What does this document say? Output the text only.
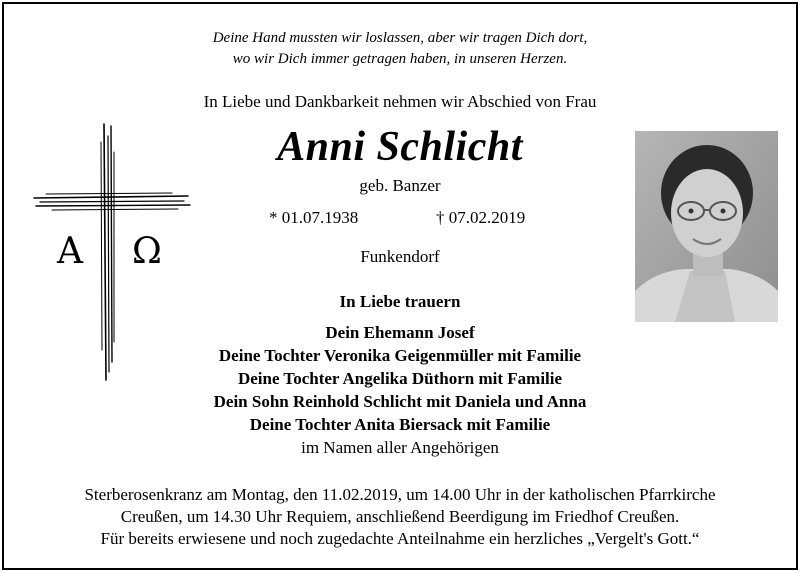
Deine Hand mussten wir loslassen, aber wir tragen Dich dort,
wo wir Dich immer getragen haben, in unseren Herzen.
In Liebe und Dankbarkeit nehmen wir Abschied von Frau
Anni Schlicht
geb. Banzer
* 01.07.1938	† 07.02.2019
Funkendorf
A Ω
In Liebe trauern
Dein Ehemann Josef
Deine Tochter Veronika Geigenmüller mit Familie
Deine Tochter Angelika Düthorn mit Familie
Dein Sohn Reinhold Schlicht mit Daniela und Anna
Deine Tochter Anita Biersack mit Familie
im Namen aller Angehörigen
Sterberosenkranz am Montag, den 11.02.2019, um 14.00 Uhr in der katholischen Pfarrkirche
Creußen, um 14.30 Uhr Requiem, anschließend Beerdigung im Friedhof Creußen.
Für bereits erwiesene und noch zugedachte Anteilnahme ein herzliches „Vergelt's Gott.“
